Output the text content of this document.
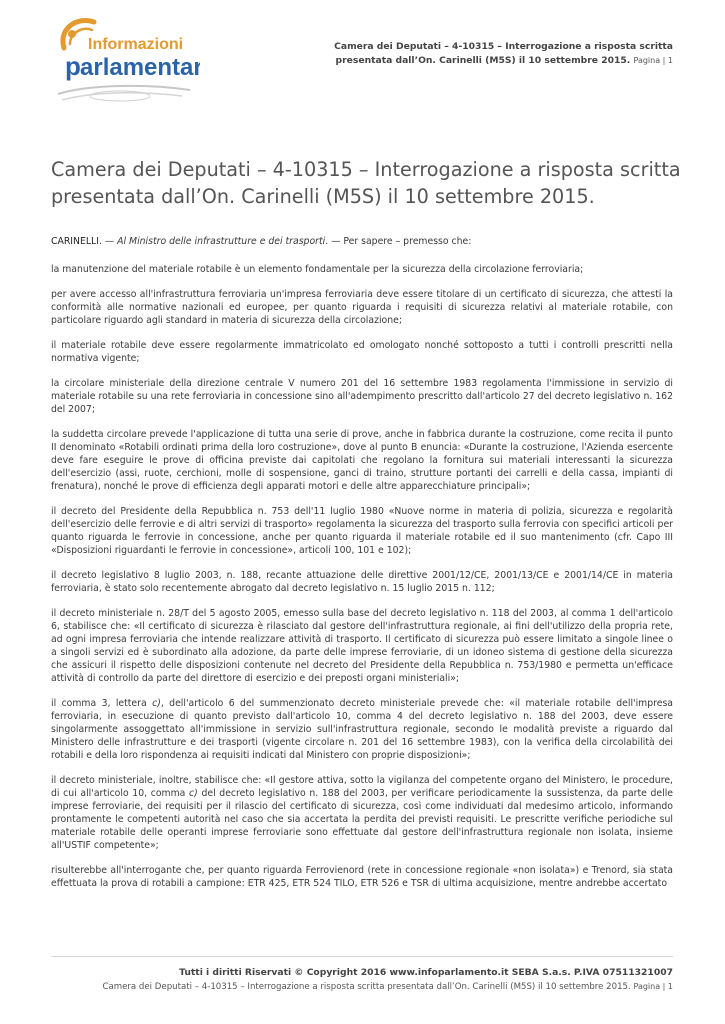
Informazioni
p arlamentari
Camera dei Deputati – 4-10315 – Interrogazione a risposta scritta
presentata dall’On. Carinelli (M5S) il 10 settembre 2015. Pagina | 1
Camera dei Deputati – 4-10315 – Interrogazione a risposta scritta
presentata dall’On. Carinelli (M5S) il 10 settembre 2015.

CARINELLI. — Al Ministro delle infrastrutture e dei trasporti. — Per sapere – premesso che:

la manutenzione del materiale rotabile è un elemento fondamentale per la sicurezza della circolazione ferroviaria;

per avere accesso all'infrastruttura ferroviaria un'impresa ferroviaria deve essere titolare di un certificato di sicurezza, che attesti la conformità alle normative nazionali ed europee, per quanto riguarda i requisiti di sicurezza relativi al materiale rotabile, con particolare riguardo agli standard in materia di sicurezza della circolazione;

il materiale rotabile deve essere regolarmente immatricolato ed omologato nonché sottoposto a tutti i controlli prescritti nella normativa vigente;

la circolare ministeriale della direzione centrale V numero 201 del 16 settembre 1983 regolamenta l'immissione in servizio di materiale rotabile su una rete ferroviaria in concessione sino all'adempimento prescritto dall'articolo 27 del decreto legislativo n. 162 del 2007;

la suddetta circolare prevede l'applicazione di tutta una serie di prove, anche in fabbrica durante la costruzione, come recita il punto II denominato «Rotabili ordinati prima della loro costruzione», dove al punto B enuncia: «Durante la costruzione, l'Azienda esercente deve fare eseguire le prove di officina previste dai capitolati che regolano la fornitura sui materiali interessanti la sicurezza dell'esercizio (assi, ruote, cerchioni, molle di sospensione, ganci di traino, strutture portanti dei carrelli e della cassa, impianti di frenatura), nonché le prove di efficienza degli apparati motori e delle altre apparecchiature principali»;

il decreto del Presidente della Repubblica n. 753 dell'11 luglio 1980 «Nuove norme in materia di polizia, sicurezza e regolarità dell'esercizio delle ferrovie e di altri servizi di trasporto» regolamenta la sicurezza del trasporto sulla ferrovia con specifici articoli per quanto riguarda le ferrovie in concessione, anche per quanto riguarda il materiale rotabile ed il suo mantenimento (cfr. Capo III «Disposizioni riguardanti le ferrovie in concessione», articoli 100, 101 e 102);

il decreto legislativo 8 luglio 2003, n. 188, recante attuazione delle direttive 2001/12/CE, 2001/13/CE e 2001/14/CE in materia ferroviaria, è stato solo recentemente abrogato dal decreto legislativo n. 15 luglio 2015 n. 112;

il decreto ministeriale n. 28/T del 5 agosto 2005, emesso sulla base del decreto legislativo n. 118 del 2003, al comma 1 dell'articolo 6, stabilisce che: «Il certificato di sicurezza è rilasciato dal gestore dell'infrastruttura regionale, ai fini dell'utilizzo della propria rete, ad ogni impresa ferroviaria che intende realizzare attività di trasporto. Il certificato di sicurezza può essere limitato a singole linee o a singoli servizi ed è subordinato alla adozione, da parte delle imprese ferroviarie, di un idoneo sistema di gestione della sicurezza che assicuri il rispetto delle disposizioni contenute nel decreto del Presidente della Repubblica n. 753/1980 e permetta un'efficace attività di controllo da parte del direttore di esercizio e dei preposti organi ministeriali»;

il comma 3, lettera c), dell'articolo 6 del summenzionato decreto ministeriale prevede che: «il materiale rotabile dell'impresa ferroviaria, in esecuzione di quanto previsto dall'articolo 10, comma 4 del decreto legislativo n. 188 del 2003, deve essere singolarmente assoggettato all'immissione in servizio sull'infrastruttura regionale, secondo le modalità previste a riguardo dal Ministero delle infrastrutture e dei trasporti (vigente circolare n. 201 del 16 settembre 1983), con la verifica della circolabilità dei rotabili e della loro rispondenza ai requisiti indicati dal Ministero con proprie disposizioni»;

il decreto ministeriale, inoltre, stabilisce che: «Il gestore attiva, sotto la vigilanza del competente organo del Ministero, le procedure, di cui all'articolo 10, comma c) del decreto legislativo n. 188 del 2003, per verificare periodicamente la sussistenza, da parte delle imprese ferroviarie, dei requisiti per il rilascio del certificato di sicurezza, così come individuati dal medesimo articolo, informando prontamente le competenti autorità nel caso che sia accertata la perdita dei previsti requisiti. Le prescritte verifiche periodiche sul materiale rotabile delle operanti imprese ferroviarie sono effettuate dal gestore dell'infrastruttura regionale non isolata, insieme all'USTIF competente»;

risulterebbe all'interrogante che, per quanto riguarda Ferrovienord (rete in concessione regionale «non isolata») e Trenord, sia stata effettuata la prova di rotabili a campione: ETR 425, ETR 524 TILO, ETR 526 e TSR di ultima acquisizione, mentre andrebbe accertato

Tutti i diritti Riservati © Copyright 2016 www.infoparlamento.it SEBA S.a.s. P.IVA 07511321007
Camera dei Deputati – 4-10315 – Interrogazione a risposta scritta presentata dall’On. Carinelli (M5S) il 10 settembre 2015. Pagina | 1
